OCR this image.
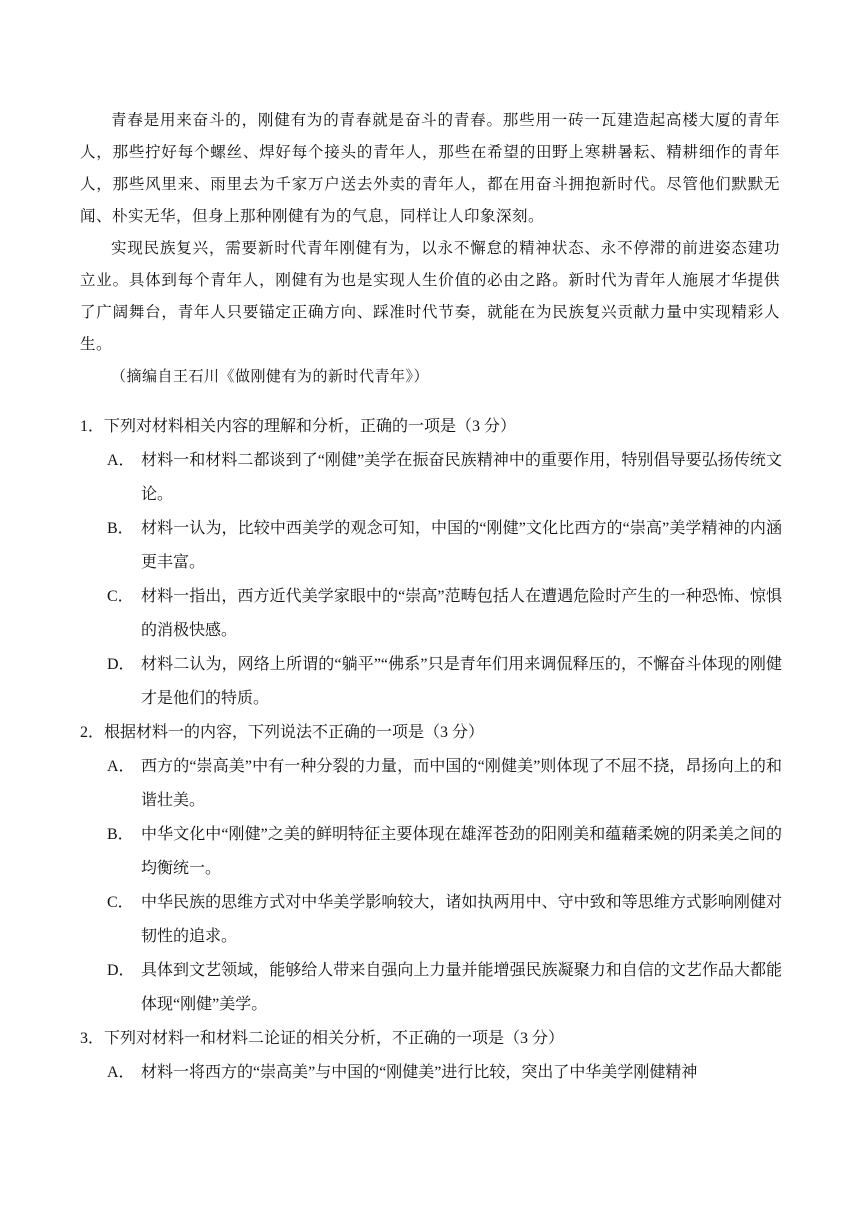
青春是用来奋斗的，刚健有为的青春就是奋斗的青春。那些用一砖一瓦建造起高楼大厦的青年人，那些拧好每个螺丝、焊好每个接头的青年人，那些在希望的田野上寒耕暑耘、精耕细作的青年人，那些风里来、雨里去为千家万户送去外卖的青年人，都在用奋斗拥抱新时代。尽管他们默默无闻、朴实无华，但身上那种刚健有为的气息，同样让人印象深刻。

实现民族复兴，需要新时代青年刚健有为，以永不懈怠的精神状态、永不停滞的前进姿态建功立业。具体到每个青年人，刚健有为也是实现人生价值的必由之路。新时代为青年人施展才华提供了广阔舞台，青年人只要锚定正确方向、踩准时代节奏，就能在为民族复兴贡献力量中实现精彩人生。

（摘编自王石川《做刚健有为的新时代青年》）

1． 下列对材料相关内容的理解和分析，正确的一项是（3 分）
A． 材料一和材料二都谈到了“刚健”美学在振奋民族精神中的重要作用，特别倡导要弘扬传统文论。
B． 材料一认为，比较中西美学的观念可知，中国的“刚健”文化比西方的“崇高”美学精神的内涵更丰富。
C． 材料一指出，西方近代美学家眼中的“崇高”范畴包括人在遭遇危险时产生的一种恐怖、惊惧的消极快感。
D． 材料二认为，网络上所谓的“躺平”“佛系”只是青年们用来调侃释压的，不懈奋斗体现的刚健才是他们的特质。
2． 根据材料一的内容，下列说法不正确的一项是（3 分）
A． 西方的“崇高美”中有一种分裂的力量，而中国的“刚健美”则体现了不屈不挠，昂扬向上的和谐壮美。
B． 中华文化中“刚健”之美的鲜明特征主要体现在雄浑苍劲的阳刚美和蕴藉柔婉的阴柔美之间的均衡统一。
C． 中华民族的思维方式对中华美学影响较大，诸如执两用中、守中致和等思维方式影响刚健对韧性的追求。
D． 具体到文艺领域，能够给人带来自强向上力量并能增强民族凝聚力和自信的文艺作品大都能体现“刚健”美学。
3． 下列对材料一和材料二论证的相关分析，不正确的一项是（3 分）
A． 材料一将西方的“崇高美”与中国的“刚健美”进行比较，突出了中华美学刚健精神
